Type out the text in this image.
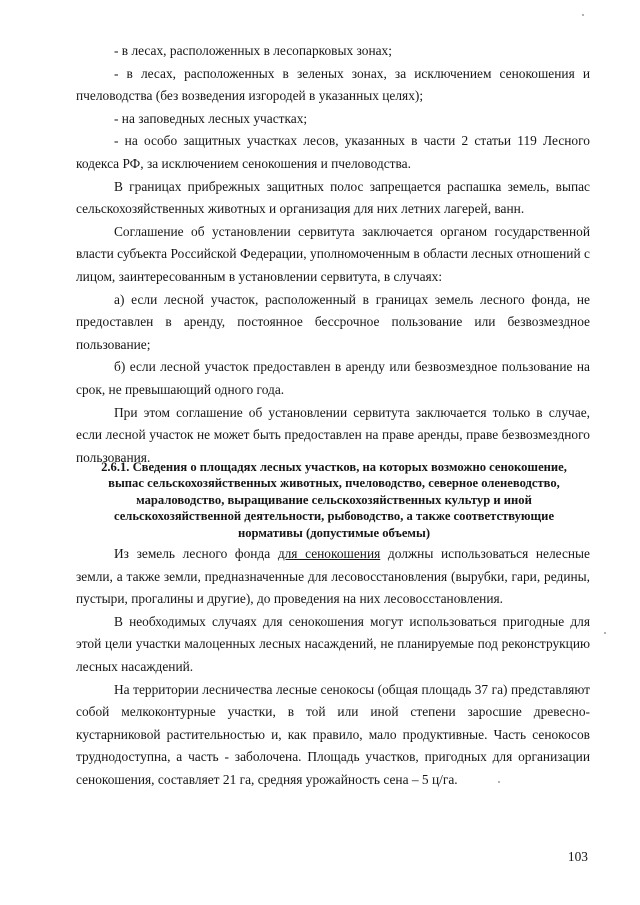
- в лесах, расположенных в лесопарковых зонах;

- в лесах, расположенных в зеленых зонах, за исключением сенокошения и пчеловодства (без возведения изгородей в указанных целях);

- на заповедных лесных участках;

- на особо защитных участках лесов, указанных в части 2 статьи 119 Лесного кодекса РФ, за исключением сенокошения и пчеловодства.

В границах прибрежных защитных полос запрещается распашка земель, выпас сельскохозяйственных животных и организация для них летних лагерей, ванн.

Соглашение об установлении сервитута заключается органом государственной власти субъекта Российской Федерации, уполномоченным в области лесных отношений с лицом, заинтересованным в установлении сервитута, в случаях:

а) если лесной участок, расположенный в границах земель лесного фонда, не предоставлен в аренду, постоянное бессрочное пользование или безвозмездное пользование;

б) если лесной участок предоставлен в аренду или безвозмездное пользование на срок, не превышающий одного года.

При этом соглашение об установлении сервитута заключается только в случае, если лесной участок не может быть предоставлен на праве аренды, праве безвозмездного пользования.

2.6.1. Сведения о площадях лесных участков, на которых возможно сенокошение, выпас сельскохозяйственных животных, пчеловодство, северное оленеводство, мараловодство, выращивание сельскохозяйственных культур и иной сельскохозяйственной деятельности, рыбоводство, а также соответствующие нормативы (допустимые объемы)

Из земель лесного фонда для сенокошения должны использоваться нелесные земли, а также земли, предназначенные для лесовосстановления (вырубки, гари, редины, пустыри, прогалины и другие), до проведения на них лесовосстановления.

В необходимых случаях для сенокошения могут использоваться пригодные для этой цели участки малоценных лесных насаждений, не планируемые под реконструкцию лесных насаждений.

На территории лесничества лесные сенокосы (общая площадь 37 га) представляют собой мелкоконтурные участки, в той или иной степени заросшие древесно-кустарниковой растительностью и, как правило, мало продуктивные. Часть сенокосов труднодоступна, а часть - заболочена. Площадь участков, пригодных для организации сенокошения, составляет 21 га, средняя урожайность сена – 5 ц/га.

103
